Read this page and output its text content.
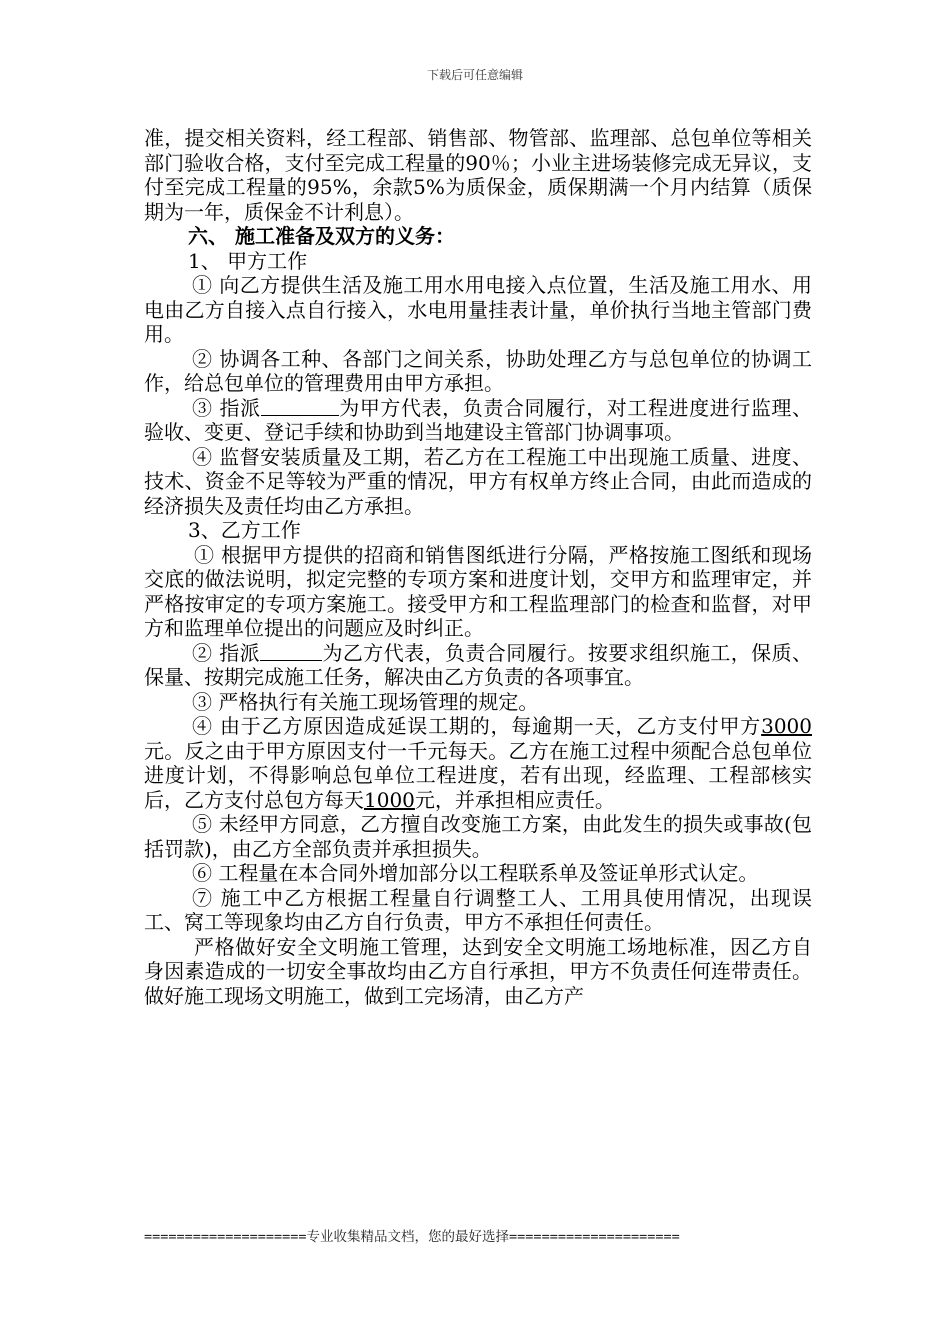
下载后可任意编辑

准，提交相关资料，经工程部、销售部、物管部、监理部、总包单位等相关部门验收合格，支付至完成工程量的90％；小业主进场装修完成无异议，支付至完成工程量的95%，余款5%为质保金，质保期满一个月内结算（质保期为一年，质保金不计利息）。

六、 施工准备及双方的义务：

1、 甲方工作

① 向乙方提供生活及施工用水用电接入点位置，生活及施工用水、用电由乙方自接入点自行接入，水电用量挂表计量，单价执行当地主管部门费用。

② 协调各工种、各部门之间关系，协助处理乙方与总包单位的协调工作，给总包单位的管理费用由甲方承担。

③ 指派	为甲方代表，负责合同履行，对工程进度进行监理、验收、变更、登记手续和协助到当地建设主管部门协调事项。

④ 监督安装质量及工期，若乙方在工程施工中出现施工质量、进度、技术、资金不足等较为严重的情况，甲方有权单方终止合同，由此而造成的经济损失及责任均由乙方承担。

3、乙方工作

① 根据甲方提供的招商和销售图纸进行分隔，严格按施工图纸和现场交底的做法说明，拟定完整的专项方案和进度计划，交甲方和监理审定，并严格按审定的专项方案施工。接受甲方和工程监理部门的检查和监督，对甲方和监理单位提出的问题应及时纠正。

② 指派	为乙方代表，负责合同履行。按要求组织施工，保质、保量、按期完成施工任务，解决由乙方负责的各项事宜。

③ 严格执行有关施工现场管理的规定。

④ 由于乙方原因造成延误工期的，每逾期一天，乙方支付甲方3000元。反之由于甲方原因支付一千元每天。乙方在施工过程中须配合总包单位进度计划，不得影响总包单位工程进度，若有出现，经监理、工程部核实后，乙方支付总包方每天1000元，并承担相应责任。

⑤ 未经甲方同意，乙方擅自改变施工方案，由此发生的损失或事故(包括罚款)，由乙方全部负责并承担损失。

⑥ 工程量在本合同外增加部分以工程联系单及签证单形式认定。

⑦ 施工中乙方根据工程量自行调整工人、工用具使用情况，出现误工、窝工等现象均由乙方自行负责，甲方不承担任何责任。

严格做好安全文明施工管理，达到安全文明施工场地标准，因乙方自身因素造成的一切安全事故均由乙方自行承担，甲方不负责任何连带责任。做好施工现场文明施工，做到工完场清，由乙方产

====================专业收集精品文档，您的最好选择=====================
